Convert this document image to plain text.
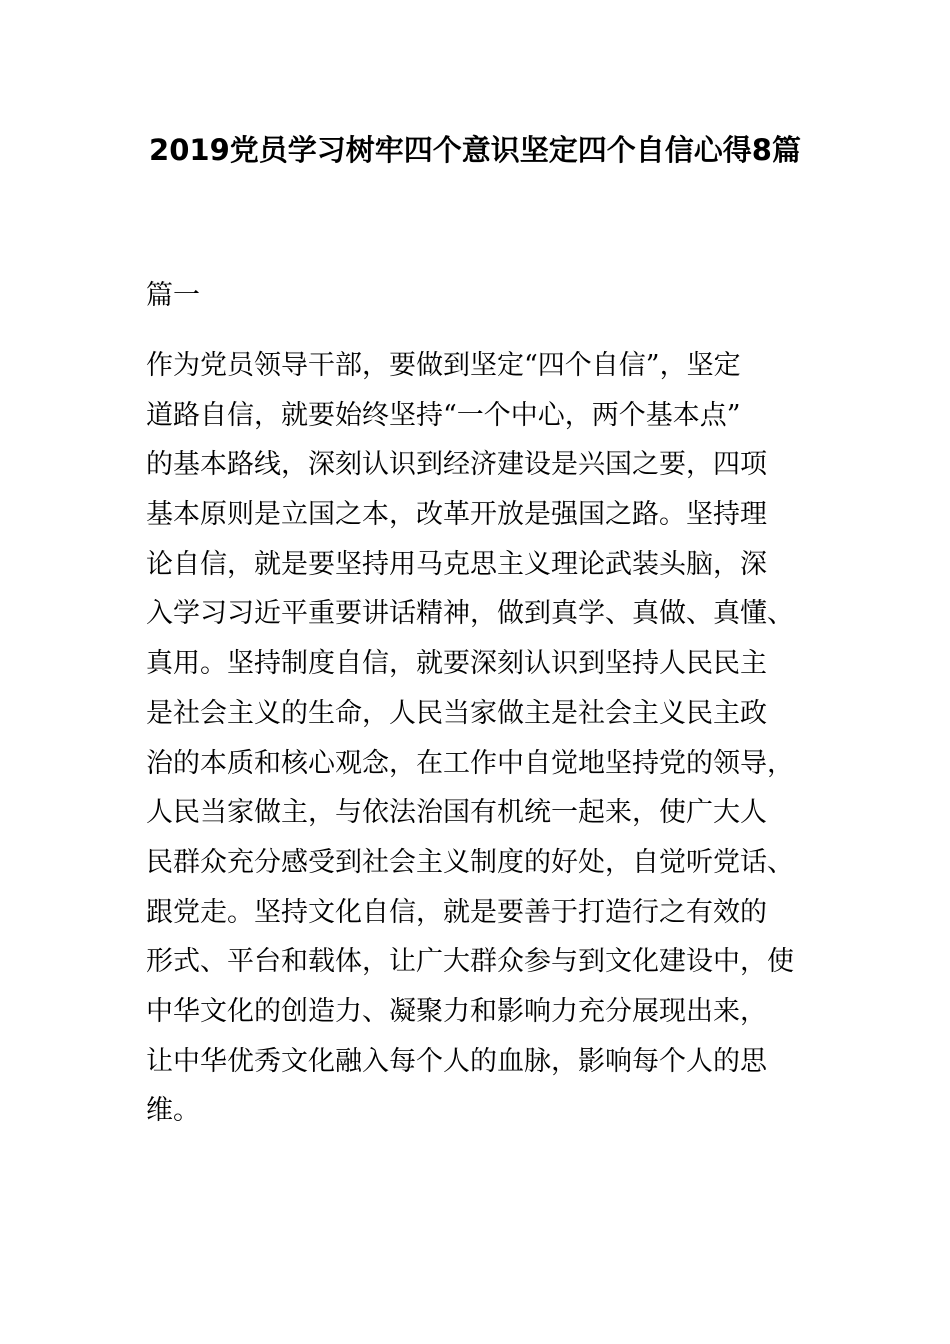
2019党员学习树牢四个意识坚定四个自信心得8篇
篇一
作为党员领导干部，要做到坚定“四个自信”，坚定
道路自信，就要始终坚持“一个中心，两个基本点”
的基本路线，深刻认识到经济建设是兴国之要，四项
基本原则是立国之本，改革开放是强国之路。坚持理
论自信，就是要坚持用马克思主义理论武装头脑，深
入学习习近平重要讲话精神，做到真学、真做、真懂、
真用。坚持制度自信，就要深刻认识到坚持人民民主
是社会主义的生命，人民当家做主是社会主义民主政
治的本质和核心观念，在工作中自觉地坚持党的领导，
人民当家做主，与依法治国有机统一起来，使广大人
民群众充分感受到社会主义制度的好处，自觉听党话、
跟党走。坚持文化自信，就是要善于打造行之有效的
形式、平台和载体，让广大群众参与到文化建设中，使
中华文化的创造力、凝聚力和影响力充分展现出来，
让中华优秀文化融入每个人的血脉，影响每个人的思
维。
